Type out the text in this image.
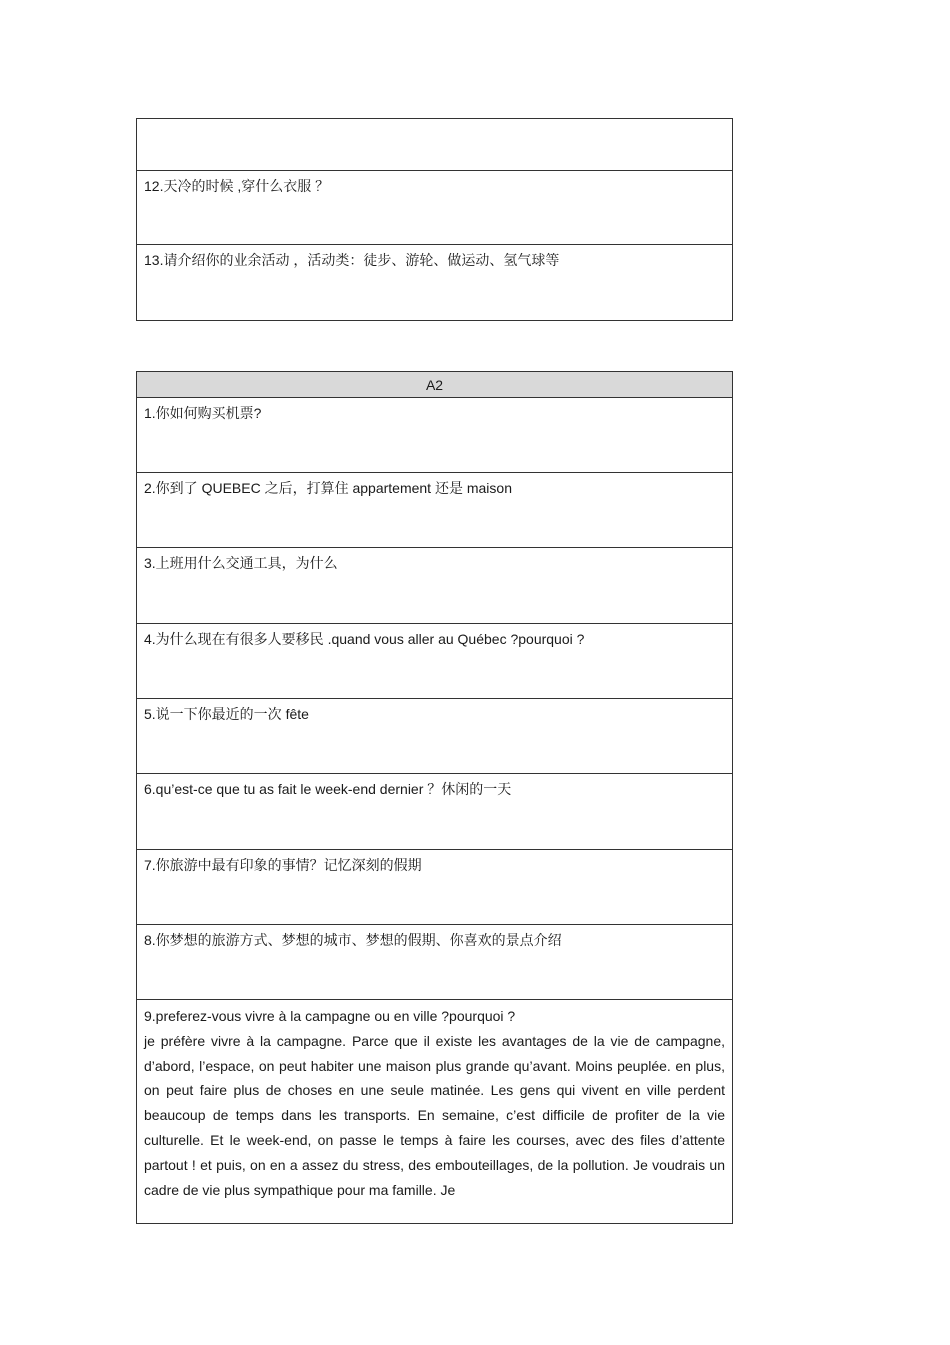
12.天冷的时候 ,穿什么衣服 ？
13.请介绍你的业余活动 ，活动类：徒步、游轮、做运动、氢气球等
A2
1.你如何购买机票?
2.你到了 QUEBEC 之后，打算住 appartement 还是 maison
3.上班用什么交通工具，为什么
4.为什么现在有很多人要移民 .quand vous aller au Québec ?pourquoi ?
5.说一下你最近的一次 fête
6.qu’est-ce que tu as fait le week-end dernier ？休闲的一天
7.你旅游中最有印象的事情？记忆深刻的假期
8.你梦想的旅游方式、梦想的城市、梦想的假期、你喜欢的景点介绍

9.preferez-vous vivre à la campagne ou en ville ?pourquoi ?

je préfère vivre à la campagne. Parce que il existe les avantages de la vie de campagne, d’abord, l’espace, on peut habiter une maison plus grande qu’avant. Moins peuplée. en plus, on peut faire plus de choses en une seule matinée. Les gens qui vivent en ville perdent beaucoup de temps dans les transports. En semaine, c’est difficile de profiter de la vie culturelle. Et le week-end, on passe le temps à faire les courses, avec des files d’attente partout ! et puis, on en a assez du stress, des embouteillages, de la pollution. Je voudrais un cadre de vie plus sympathique pour ma famille. Je
